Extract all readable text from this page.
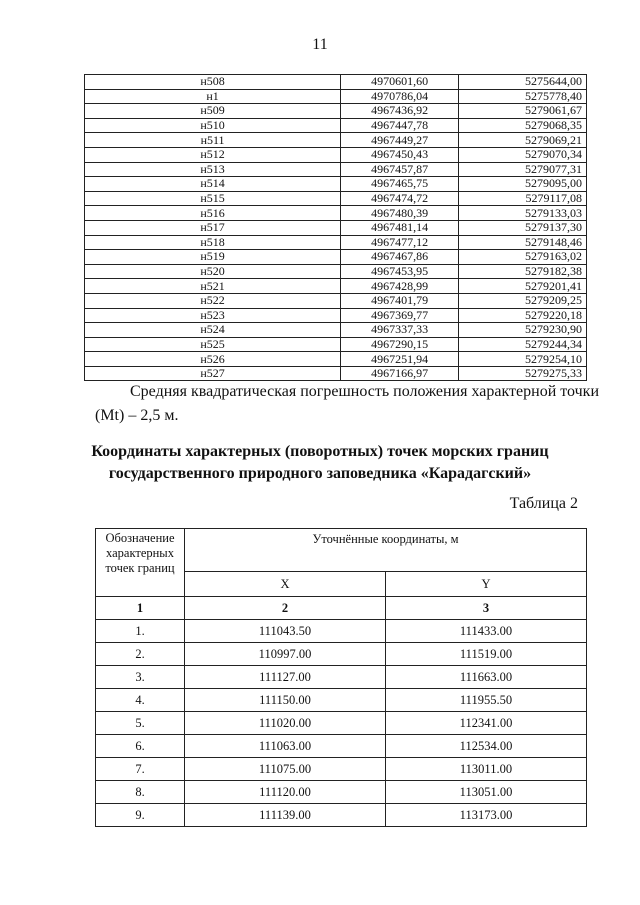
11
н508	4970601,60	5275644,00
н1	4970786,04	5275778,40
н509	4967436,92	5279061,67
н510	4967447,78	5279068,35
н511	4967449,27	5279069,21
н512	4967450,43	5279070,34
н513	4967457,87	5279077,31
н514	4967465,75	5279095,00
н515	4967474,72	5279117,08
н516	4967480,39	5279133,03
н517	4967481,14	5279137,30
н518	4967477,12	5279148,46
н519	4967467,86	5279163,02
н520	4967453,95	5279182,38
н521	4967428,99	5279201,41
н522	4967401,79	5279209,25
н523	4967369,77	5279220,18
н524	4967337,33	5279230,90
н525	4967290,15	5279244,34
н526	4967251,94	5279254,10
н527	4967166,97	5279275,33
Средняя квадратическая погрешность положения характерной точки
(Mt) – 2,5 м.
Координаты характерных (поворотных) точек морских границ
государственного природного заповедника «Карадагский»
Таблица 2
Обозначение характерных точек границ	Уточнённые координаты, м	
	X	Y
1	2	3
1.	111043.50	111433.00
2.	110997.00	111519.00
3.	111127.00	111663.00
4.	111150.00	111955.50
5.	111020.00	112341.00
6.	111063.00	112534.00
7.	111075.00	113011.00
8.	111120.00	113051.00
9.	111139.00	113173.00
